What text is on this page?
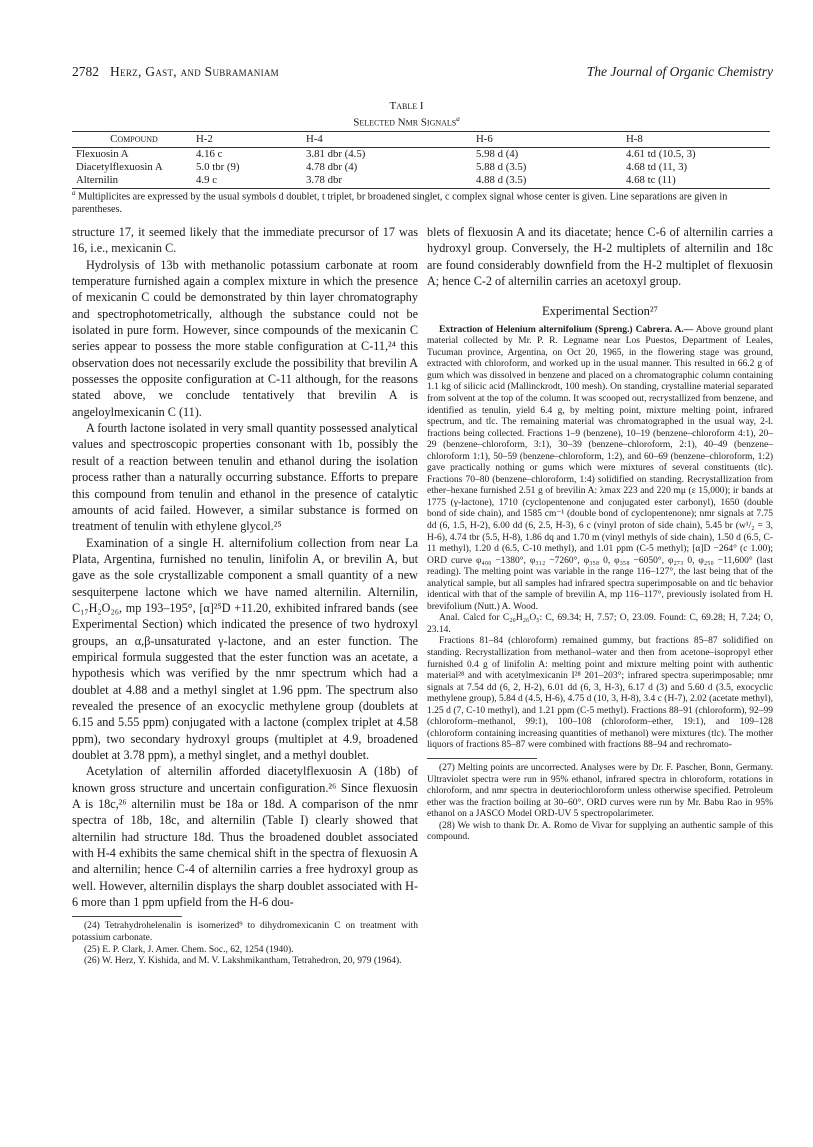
2782 Herz, Gast, and Subramaniam	The Journal of Organic Chemistry
Table I
Selected Nmr Signals$^a$
Compound	H-2	H-4	H-6	H-8
Flexuosin A	4.16 c	3.81 dbr (4.5)	5.98 d (4)	4.61 td (10.5, 3)
Diacetylflexuosin A	5.0 tbr (9)	4.78 dbr (4)	5.88 d (3.5)	4.68 td (11, 3)
Alternilin	4.9 c	3.78 dbr	4.88 d (3.5)	4.68 tc (11)
$^a$ Multiplicites are expressed by the usual symbols d doublet, t triplet, br broadened singlet, c complex signal whose center is given. Line separations are given in parentheses.

structure 17, it seemed likely that the immediate precursor of 17 was 16, i.e., mexicanin C.

Hydrolysis of 13b with methanolic potassium carbonate at room temperature furnished again a complex mixture in which the presence of mexicanin C could be demonstrated by thin layer chromatography and spectrophotometrically, although the substance could not be isolated in pure form. However, since compounds of the mexicanin C series appear to possess the more stable configuration at C-11,²⁴ this observation does not necessarily exclude the possibility that brevilin A possesses the opposite configuration at C-11 although, for the reasons stated above, we conclude tentatively that brevilin A is angeloylmexicanin C (11).

A fourth lactone isolated in very small quantity possessed analytical values and spectroscopic properties consonant with 1b, possibly the result of a reaction between tenulin and ethanol during the isolation process rather than a naturally occurring substance. Efforts to prepare this compound from tenulin and ethanol in the presence of catalytic amounts of acid failed. However, a similar substance is formed on treatment of tenulin with ethylene glycol.²⁵

Examination of a single H. alternifolium collection from near La Plata, Argentina, furnished no tenulin, linifolin A, or brevilin A, but gave as the sole crystallizable component a small quantity of a new sesquiterpene lactone which we have named alternilin. Alternilin, C₁₇H₂O₂₆, mp 193–195°, [α]²⁵D +11.20, exhibited infrared bands (see Experimental Section) which indicated the presence of two hydroxyl groups, an α,β-unsaturated γ-lactone, and an ester function. The empirical formula suggested that the ester function was an acetate, a hypothesis which was verified by the nmr spectrum which had a doublet at 4.88 and a methyl singlet at 1.96 ppm. The spectrum also revealed the presence of an exocyclic methylene group (doublets at 6.15 and 5.55 ppm) conjugated with a lactone (complex triplet at 4.58 ppm), two secondary hydroxyl groups (multiplet at 4.9, broadened doublet at 3.78 ppm), a methyl singlet, and a methyl doublet.

Acetylation of alternilin afforded diacetylflexuosin A (18b) of known gross structure and uncertain configuration.²⁶ Since flexuosin A is 18c,²⁶ alternilin must be 18a or 18d. A comparison of the nmr spectra of 18b, 18c, and alternilin (Table I) clearly showed that alternilin had structure 18d. Thus the broadened doublet associated with H-4 exhibits the same chemical shift in the spectra of flexuosin A and alternilin; hence C-4 of alternilin carries a free hydroxyl group as well. However, alternilin displays the sharp doublet associated with H-6 more than 1 ppm upfield from the H-6 dou-

(24) Tetrahydrohelenalin is isomerized⁹ to dihydromexicanin C on treatment with potassium carbonate.

(25) E. P. Clark, J. Amer. Chem. Soc., 62, 1254 (1940).

(26) W. Herz, Y. Kishida, and M. V. Lakshmikantham, Tetrahedron, 20, 979 (1964).

blets of flexuosin A and its diacetate; hence C-6 of alternilin carries a hydroxyl group. Conversely, the H-2 multiplets of alternilin and 18c are found considerably downfield from the H-2 multiplet of flexuosin A; hence C-2 of alternilin carries an acetoxyl group.

Experimental Section²⁷

Extraction of Helenium alternifolium (Spreng.) Cabrera. A.— Above ground plant material collected by Mr. P. R. Legname near Los Puestos, Department of Leales, Tucuman province, Argentina, on Oct 20, 1965, in the flowering stage was ground, extracted with chloroform, and worked up in the usual manner. This resulted in 66.2 g of gum which was dissolved in benzene and placed on a chromatographic column containing 1.1 kg of silicic acid (Mallinckrodt, 100 mesh). On standing, crystalline material separated from solvent at the top of the column. It was scooped out, recrystallized from benzene, and identified as tenulin, yield 6.4 g, by melting point, mixture melting point, infrared spectrum, and tlc. The remaining material was chromatographed in the usual way, 2-l. fractions being collected. Fractions 1–9 (benzene), 10–19 (benzene–chloroform 4:1), 20–29 (benzene–chloroform, 3:1), 30–39 (benzene–chloroform, 2:1), 40–49 (benzene–chloroform 1:1), 50–59 (benzene–chloroform, 1:2), and 60–69 (benzene–chloroform, 1:2) gave practically nothing or gums which were mixtures of several constituents (tlc). Fractions 70–80 (benzene–chloroform, 1:4) solidified on standing. Recrystallization from ether–hexane furnished 2.51 g of brevilin A: λmax 223 and 220 mμ (ε 15,000); ir bands at 1775 (γ-lactone), 1710 (cyclopentenone and conjugated ester carbonyl), 1650 (double bond of side chain), and 1585 cm⁻¹ (double bond of cyclopentenone); nmr signals at 7.75 dd (6, 1.5, H-2), 6.00 dd (6, 2.5, H-3), 6 c (vinyl proton of side chain), 5.45 br (w¹/₂ = 3, H-6), 4.74 tbr (5.5, H-8), 1.86 dq and 1.70 m (vinyl methyls of side chain), 1.50 d (6.5, C-11 methyl), 1.20 d (6.5, C-10 methyl), and 1.01 ppm (C-5 methyl); [α]D −264° (c 1.00); ORD curve φ₄₀₀ −1380°, φ₃₁₂ −7260°, φ₃₅₈ 0, φ₃₅₈ −6050°, φ₂₇₃ 0, φ₂₅₀ −11,600° (last reading). The melting point was variable in the range 116–127°, the last being that of the analytical sample, but all samples had infrared spectra superimposable on and tlc behavior identical with that of the sample of brevilin A, mp 116–117°, previously isolated from H. brevifolium (Nutt.) A. Wood.

Anal. Calcd for C₂₀H₂₆O₅: C, 69.34; H, 7.57; O, 23.09. Found: C, 69.28; H, 7.24; O, 23.14.

Fractions 81–84 (chloroform) remained gummy, but fractions 85–87 solidified on standing. Recrystallization from methanol–water and then from acetone–isopropyl ether furnished 0.4 g of linifolin A: melting point and mixture melting point with authentic material²⁸ and with acetylmexicanin I²⁸ 201–203°; infrared spectra superimposable; nmr signals at 7.54 dd (6, 2, H-2), 6.01 dd (6, 3, H-3), 6.17 d (3) and 5.60 d (3.5, exocyclic methylene group), 5.84 d (4.5, H-6), 4.75 d (10, 3, H-8), 3.4 c (H-7), 2.02 (acetate methyl), 1.25 d (7, C-10 methyl), and 1.21 ppm (C-5 methyl). Fractions 88–91 (chloroform), 92–99 (chloroform–methanol, 99:1), 100–108 (chloroform–ether, 19:1), and 109–128 (chloroform containing increasing quantities of methanol) were mixtures (tlc). The mother liquors of fractions 85–87 were combined with fractions 88–94 and rechromato-

(27) Melting points are uncorrected. Analyses were by Dr. F. Pascher, Bonn, Germany. Ultraviolet spectra were run in 95% ethanol, infrared spectra in chloroform, rotations in chloroform, and nmr spectra in deuteriochloroform unless otherwise specified. Petroleum ether was the fraction boiling at 30–60°. ORD curves were run by Mr. Babu Rao in 95% ethanol on a JASCO Model ORD-UV 5 spectropolarimeter.

(28) We wish to thank Dr. A. Romo de Vivar for supplying an authentic sample of this compound.
